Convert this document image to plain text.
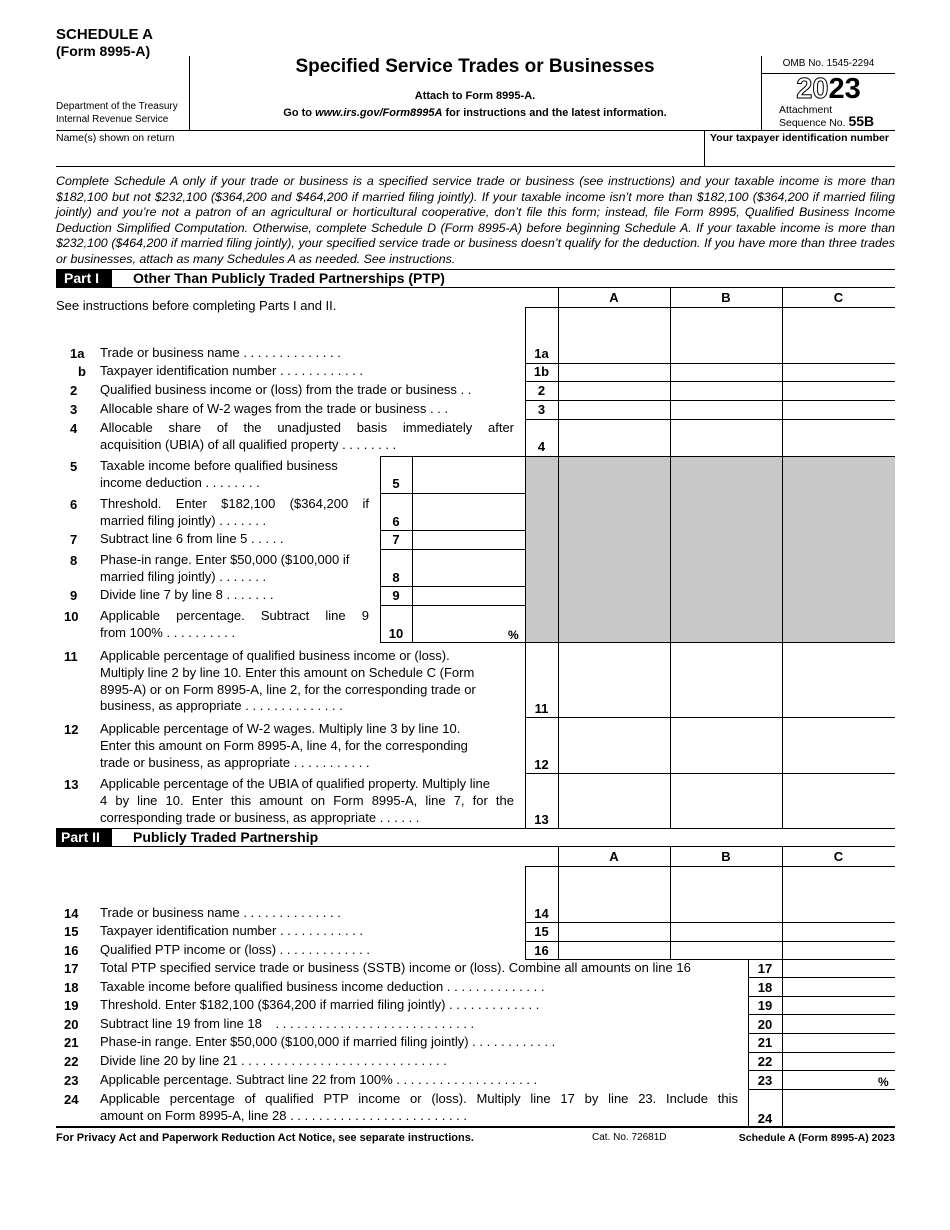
SCHEDULE A
(Form 8995-A)
Department of the Treasury
Internal Revenue Service
Specified Service Trades or Businesses
Attach to Form 8995-A.
Go to www.irs.gov/Form8995A for instructions and the latest information.
OMB No. 1545-2294
2023
Attachment
Sequence No. 55B
Name(s) shown on return	Your taxpayer identification number
Complete Schedule A only if your trade or business is a specified service trade or business (see instructions) and your taxable income is more than $182,100 but not $232,100 ($364,200 and $464,200 if married filing jointly). If your taxable income isn’t more than $182,100 ($364,200 if married filing jointly) and you’re not a patron of an agricultural or horticultural cooperative, don’t file this form; instead, file Form 8995, Qualified Business Income Deduction Simplified Computation. Otherwise, complete Schedule D (Form 8995-A) before beginning Schedule A. If your taxable income is more than $232,100 ($464,200 if married filing jointly), your specified service trade or business doesn’t qualify for the deduction. If you have more than three trades or businesses, attach as many Schedules A as needed. See instructions.
Part I	Other Than Publicly Traded Partnerships (PTP)
See instructions before completing Parts I and II.
A	B	C
1a Trade or business name . . . . . . . . . . . . . .	1a
b Taxpayer identification number . . . . . . . . . . . .	1b
2 Qualified business income or (loss) from the trade or business . .	2
3 Allocable share of W-2 wages from the trade or business . . .	3
4 Allocable share of the unadjusted basis immediately after
acquisition (UBIA) of all qualified property . . . . . . . .	4
5 Taxable income before qualified business
income deduction . . . . . . . .	5
6 Threshold. Enter $182,100 ($364,200 if
married filing jointly) . . . . . . .	6
7 Subtract line 6 from line 5 . . . . .	7
8 Phase-in range. Enter $50,000 ($100,000 if
married filing jointly) . . . . . . .	8
9 Divide line 7 by line 8 . . . . . . .	9
10 Applicable percentage. Subtract line 9
from 100% . . . . . . . . . .	10	%
11 Applicable percentage of qualified business income or (loss).
Multiply line 2 by line 10. Enter this amount on Schedule C (Form
8995-A) or on Form 8995-A, line 2, for the corresponding trade or
business, as appropriate . . . . . . . . . . . . . .	11
12 Applicable percentage of W-2 wages. Multiply line 3 by line 10.
Enter this amount on Form 8995-A, line 4, for the corresponding
trade or business, as appropriate . . . . . . . . . . .	12
13 Applicable percentage of the UBIA of qualified property. Multiply line
4 by line 10. Enter this amount on Form 8995-A, line 7, for the
corresponding trade or business, as appropriate . . . . . .	13
Part II	Publicly Traded Partnership
A	B	C
14 Trade or business name . . . . . . . . . . . . . .	14
15 Taxpayer identification number . . . . . . . . . . . .	15
16 Qualified PTP income or (loss) . . . . . . . . . . . . .	16
17 Total PTP specified service trade or business (SSTB) income or (loss). Combine all amounts on line 16	17
18 Taxable income before qualified business income deduction . . . . . . . . . . . . . .	18
19 Threshold. Enter $182,100 ($364,200 if married filing jointly) . . . . . . . . . . . . .	19
20 Subtract line 19 from line 18 . . . . . . . . . . . . . . . . . . . . . . . . . . . .	20
21 Phase-in range. Enter $50,000 ($100,000 if married filing jointly) . . . . . . . . . . . .	21
22 Divide line 20 by line 21 . . . . . . . . . . . . . . . . . . . . . . . . . . . . .	22
23 Applicable percentage. Subtract line 22 from 100% . . . . . . . . . . . . . . . . . . . .	23	%
24 Applicable percentage of qualified PTP income or (loss). Multiply line 17 by line 23. Include this
amount on Form 8995-A, line 28 . . . . . . . . . . . . . . . . . . . . . . . . .	24
For Privacy Act and Paperwork Reduction Act Notice, see separate instructions.	Cat. No. 72681D	Schedule A (Form 8995-A) 2023
